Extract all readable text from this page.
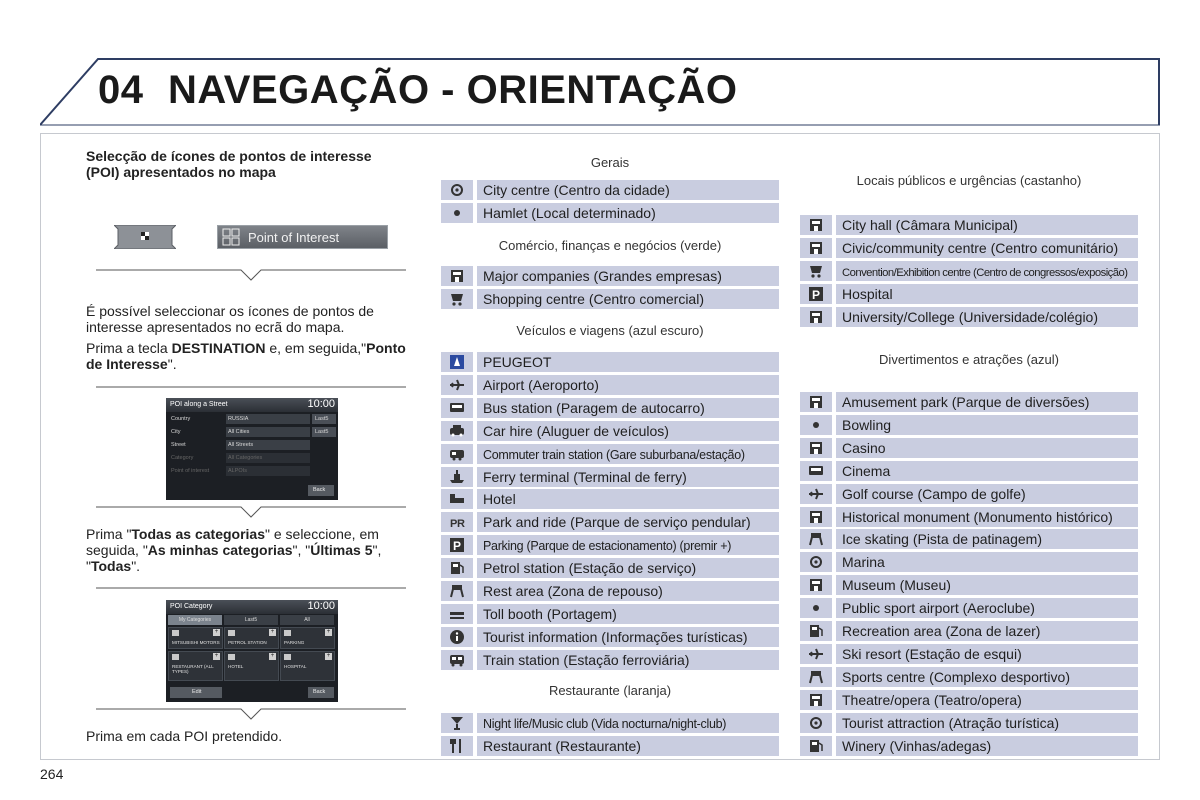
04 NAVEGAÇÃO - ORIENTAÇÃO
Selecção de ícones de pontos de interesse (POI) apresentados no mapa
Point of Interest
É possível seleccionar os ícones de pontos de interesse apresentados no ecrã do mapa.
Prima a tecla DESTINATION e, em seguida,"Ponto de Interesse".
POI along a Street	10:00
Country	RUSSIA	Last5
City	All Cities	Last5
Street	All Streets
Category	All Categories
Point of interest	ALPOIs
Back
Prima "Todas as categorias" e seleccione, em seguida, "As minhas categorias", "Últimas 5", "Todas".
POI Category	10:00
My Categories	Last5	All
+
MITSUBISHI MOTORS
+
PETROL STATION
+
PARKING
+
RESTAURANT (ALL TYPES)
+
HOTEL
+
HOSPITAL
Edit	Back
Prima em cada POI pretendido.
264
Gerais
City centre (Centro da cidade)
Hamlet (Local determinado)
Comércio, finanças e negócios (verde)
Major companies (Grandes empresas)
Shopping centre (Centro comercial)
Veículos e viagens (azul escuro)
PEUGEOT
Airport (Aeroporto)
Bus station (Paragem de autocarro)
Car hire (Aluguer de veículos)
Commuter train station (Gare suburbana/estação)
Ferry terminal (Terminal de ferry)
Hotel
P R	Park and ride (Parque de serviço pendular)
P	Parking (Parque de estacionamento) (premir +)
Petrol station (Estação de serviço)
Rest area (Zona de repouso)
Toll booth (Portagem)
Tourist information (Informações turísticas)
Train station (Estação ferroviária)
Restaurante (laranja)
Night life/Music club (Vida nocturna/night-club)
Restaurant (Restaurante)
Locais públicos e urgências (castanho)
City hall (Câmara Municipal)
Civic/community centre (Centro comunitário)
Convention/Exhibition centre (Centro de congressos/exposição)
P	Hospital
University/College (Universidade/colégio)
Divertimentos e atrações (azul)
Amusement park (Parque de diversões)
Bowling
Casino
Cinema
Golf course (Campo de golfe)
Historical monument (Monumento histórico)
Ice skating (Pista de patinagem)
Marina
Museum (Museu)
Public sport airport (Aeroclube)
Recreation area (Zona de lazer)
Ski resort (Estação de esqui)
Sports centre (Complexo desportivo)
Theatre/opera (Teatro/opera)
Tourist attraction (Atração turística)
Winery (Vinhas/adegas)
